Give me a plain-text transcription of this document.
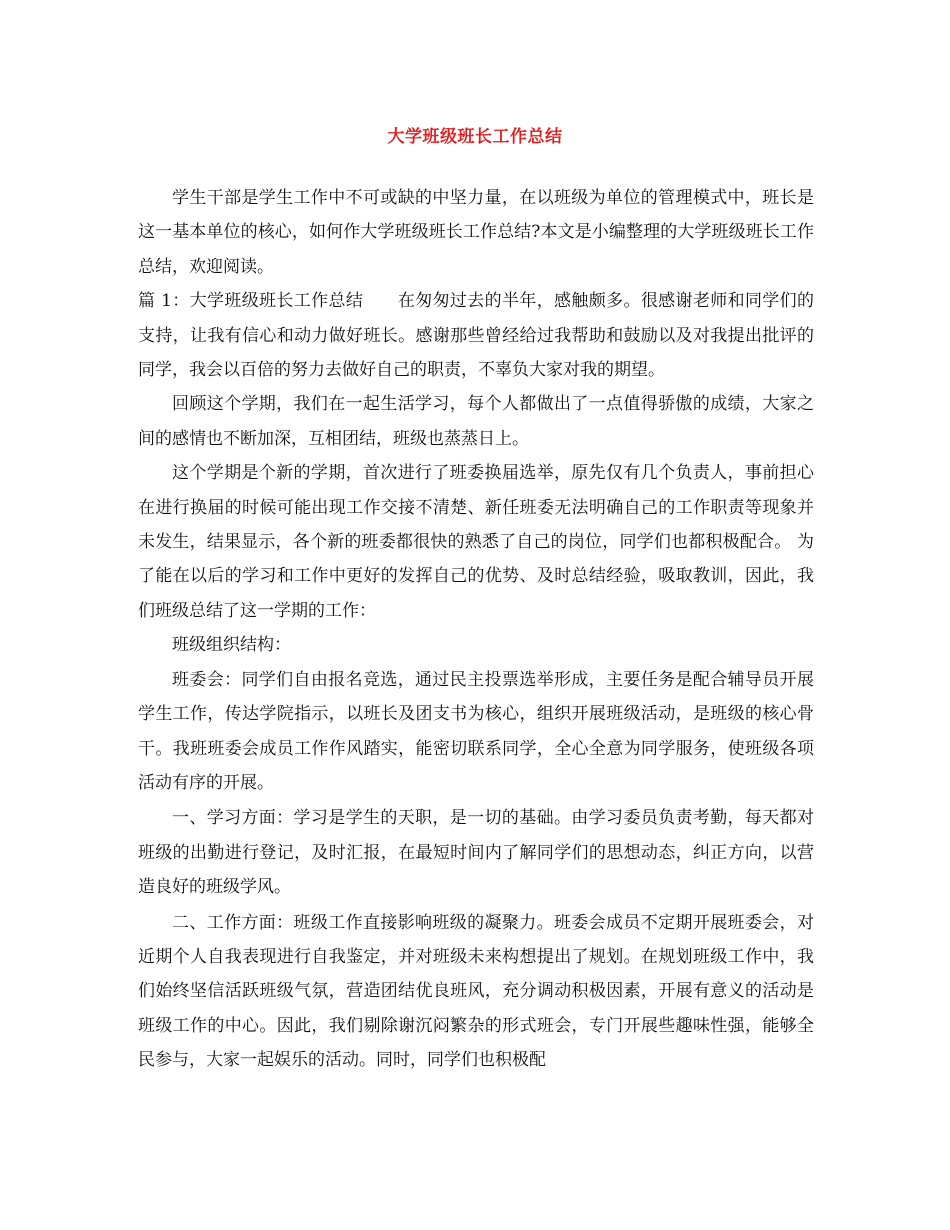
大学班级班长工作总结

学生干部是学生工作中不可或缺的中坚力量，在以班级为单位的管理模式中，班长是这一基本单位的核心，如何作大学班级班长工作总结?本文是小编整理的大学班级班长工作总结，欢迎阅读。

篇 1：大学班级班长工作总结　　在匆匆过去的半年，感触颇多。很感谢老师和同学们的支持，让我有信心和动力做好班长。感谢那些曾经给过我帮助和鼓励以及对我提出批评的同学，我会以百倍的努力去做好自己的职责，不辜负大家对我的期望。

回顾这个学期，我们在一起生活学习，每个人都做出了一点值得骄傲的成绩，大家之间的感情也不断加深，互相团结，班级也蒸蒸日上。

这个学期是个新的学期，首次进行了班委换届选举，原先仅有几个负责人，事前担心在进行换届的时候可能出现工作交接不清楚、新任班委无法明确自己的工作职责等现象并未发生，结果显示，各个新的班委都很快的熟悉了自己的岗位，同学们也都积极配合。 为了能在以后的学习和工作中更好的发挥自己的优势、及时总结经验，吸取教训，因此，我们班级总结了这一学期的工作：

班级组织结构：

班委会：同学们自由报名竞选，通过民主投票选举形成，主要任务是配合辅导员开展学生工作，传达学院指示，以班长及团支书为核心，组织开展班级活动，是班级的核心骨干。我班班委会成员工作作风踏实，能密切联系同学，全心全意为同学服务，使班级各项活动有序的开展。

一、学习方面：学习是学生的天职，是一切的基础。由学习委员负责考勤，每天都对班级的出勤进行登记，及时汇报，在最短时间内了解同学们的思想动态，纠正方向，以营造良好的班级学风。

二、工作方面：班级工作直接影响班级的凝聚力。班委会成员不定期开展班委会，对近期个人自我表现进行自我鉴定，并对班级未来构想提出了规划。在规划班级工作中，我们始终坚信活跃班级气氛，营造团结优良班风，充分调动积极因素，开展有意义的活动是班级工作的中心。因此，我们剔除谢沉闷繁杂的形式班会，专门开展些趣味性强，能够全民参与，大家一起娱乐的活动。同时，同学们也积极配
